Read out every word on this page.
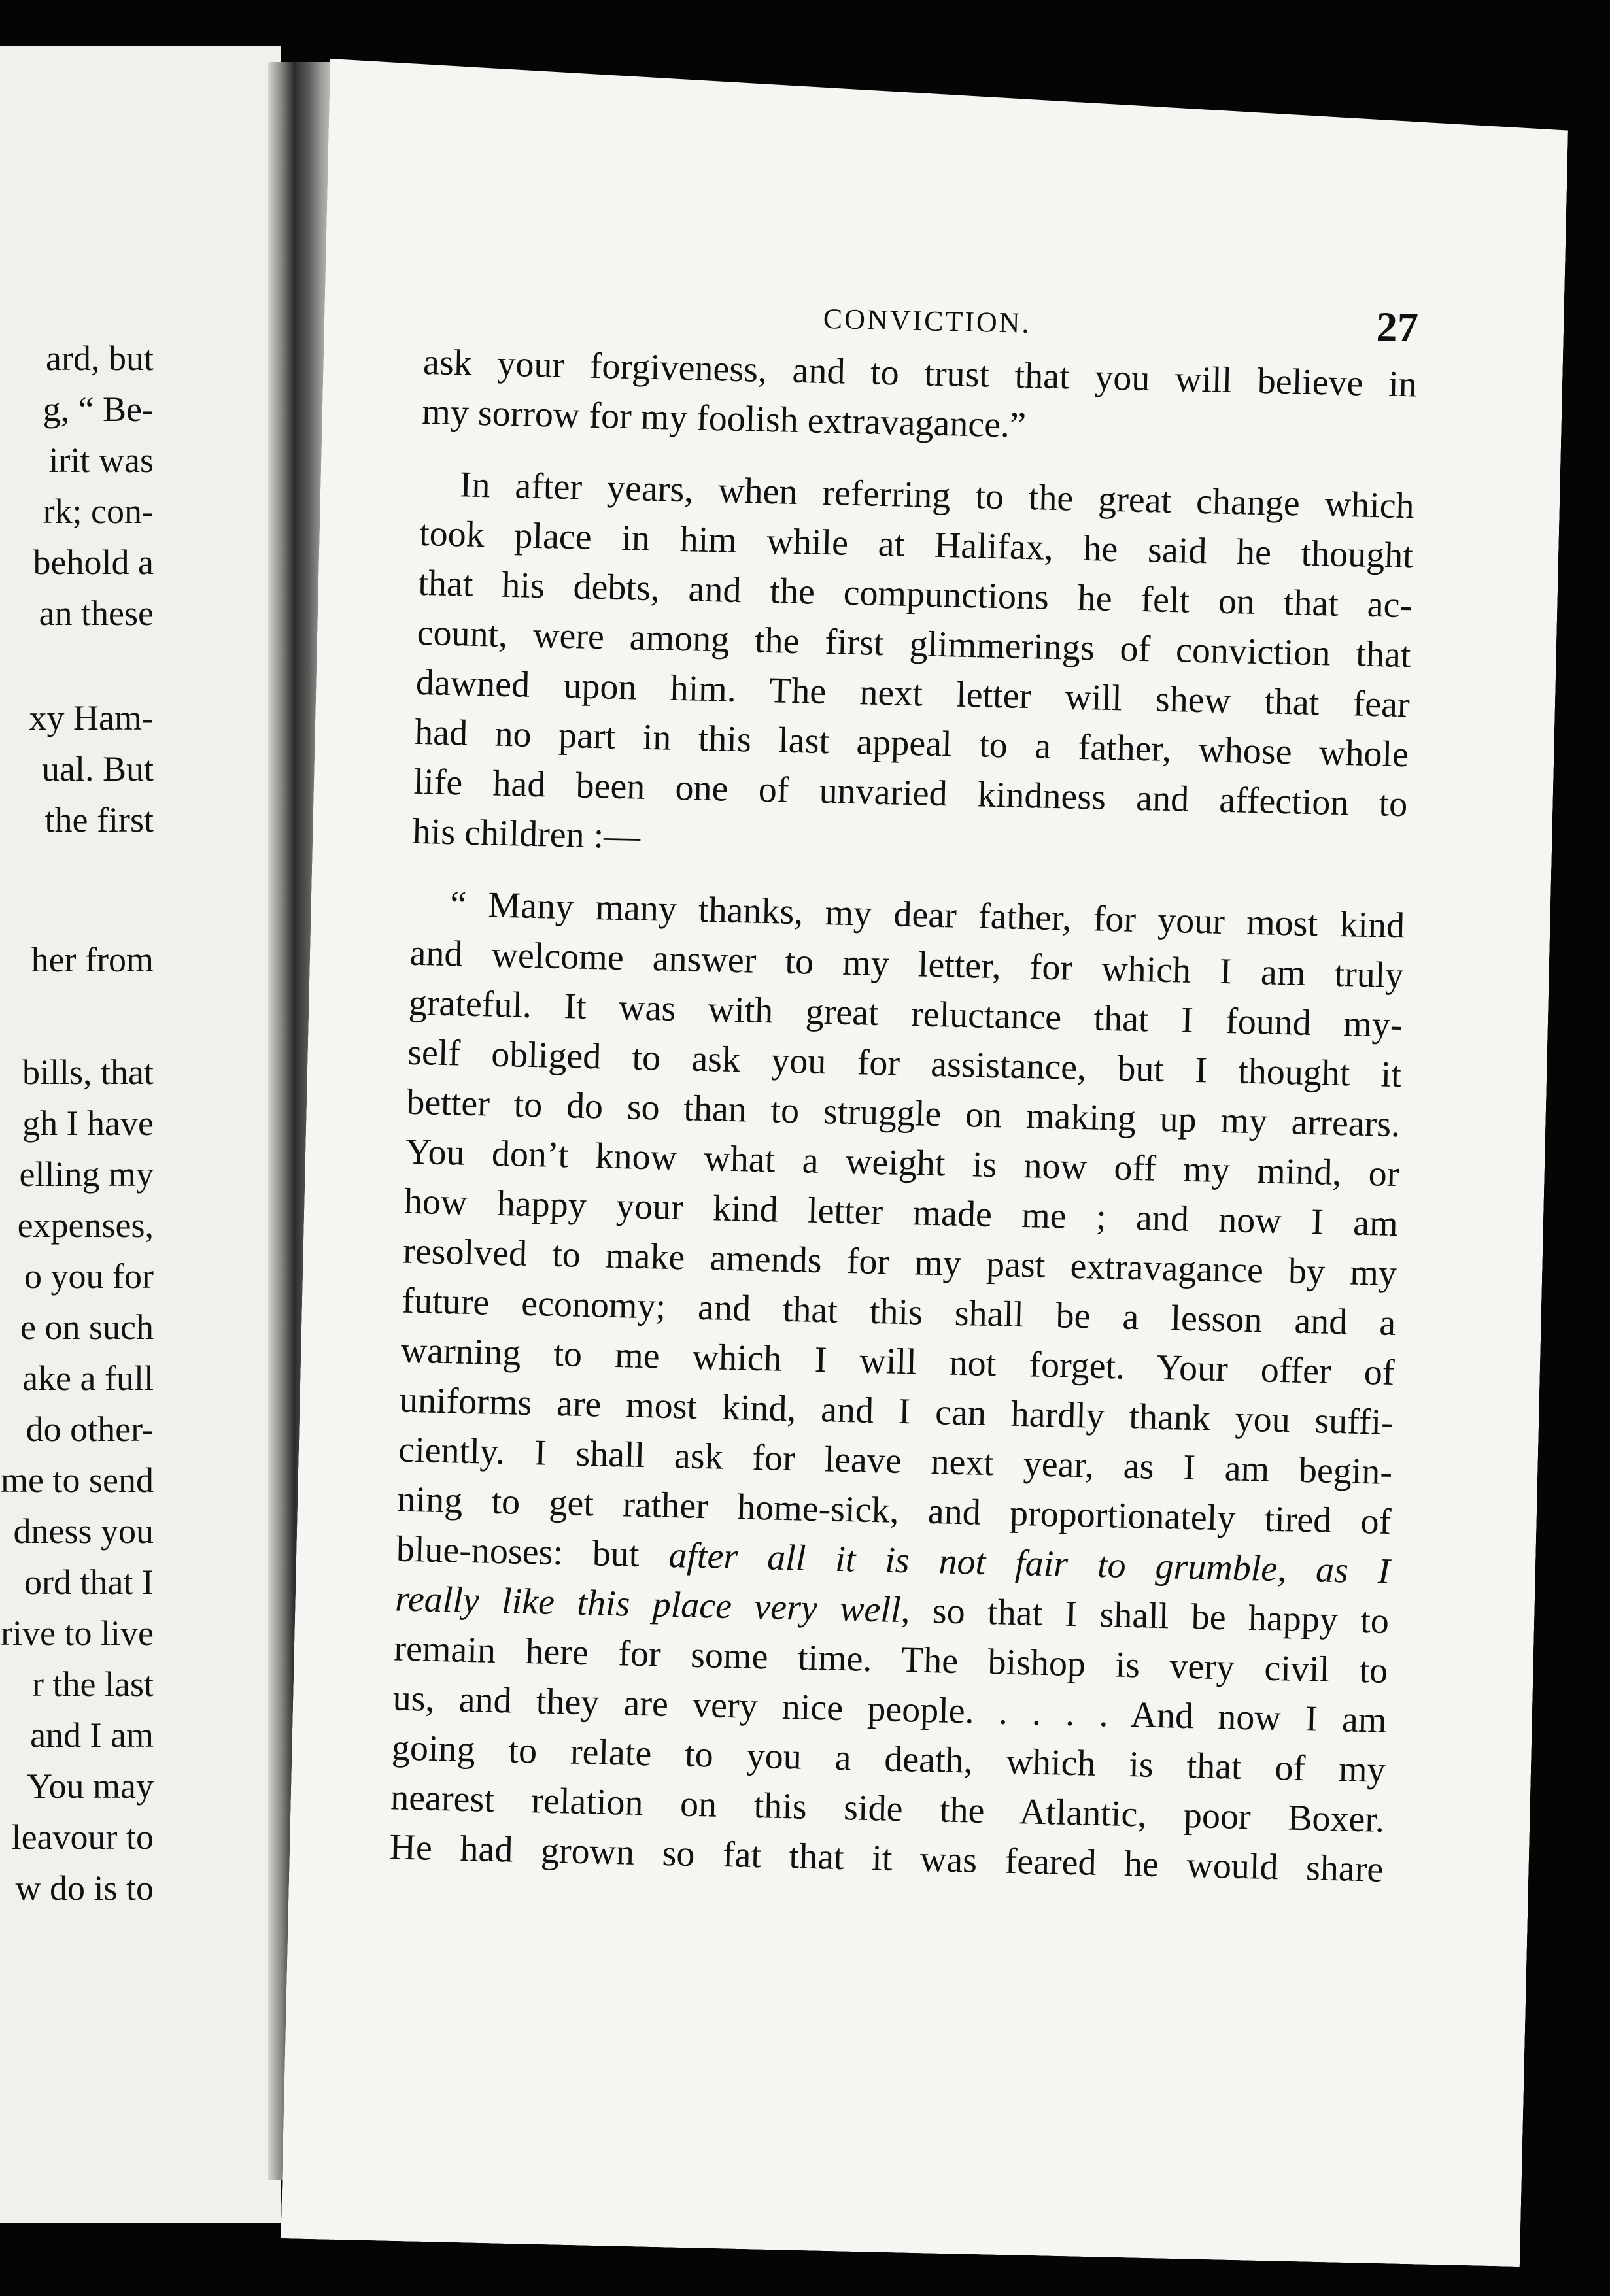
ard, but
g, “ Be-
irit was
rk; con-
behold a
an these
xy Ham-
ual. But
the first
her from
bills, that
gh I have
elling my
expenses,
o you for
e on such
ake a full
do other-
me to send
dness you
ord that I
rive to live
r the last
and I am
You may
leavour to
w do is to
CONVICTION.	27

ask your forgiveness, and to trust that you will believe in
my sorrow for my foolish extravagance.”

In after years, when referring to the great change which
took place in him while at Halifax, he said he thought
that his debts, and the compunctions he felt on that ac-
count, were among the first glimmerings of conviction that
dawned upon him. The next letter will shew that fear
had no part in this last appeal to a father, whose whole
life had been one of unvaried kindness and affection to
his children :—

“ Many many thanks, my dear father, for your most kind
and welcome answer to my letter, for which I am truly
grateful. It was with great reluctance that I found my-
self obliged to ask you for assistance, but I thought it
better to do so than to struggle on making up my arrears.
You don’t know what a weight is now off my mind, or
how happy your kind letter made me ; and now I am
resolved to make amends for my past extravagance by my
future economy; and that this shall be a lesson and a
warning to me which I will not forget. Your offer of
uniforms are most kind, and I can hardly thank you suffi-
ciently. I shall ask for leave next year, as I am begin-
ning to get rather home-sick, and proportionately tired of
blue-noses: but after all it is not fair to grumble, as I
really like this place very well, so that I shall be happy to
remain here for some time. The bishop is very civil to
us, and they are very nice people. . . . . And now I am
going to relate to you a death, which is that of my
nearest relation on this side the Atlantic, poor Boxer.
He had grown so fat that it was feared he would share
